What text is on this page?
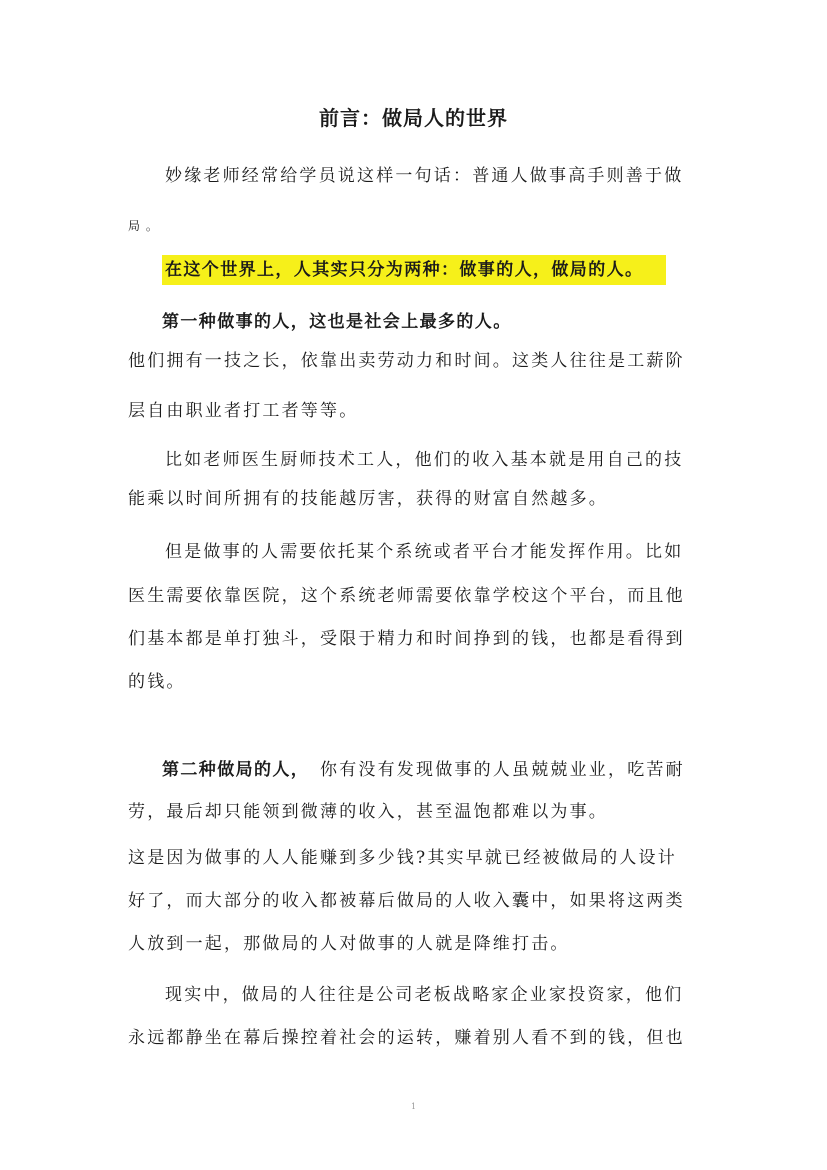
前言：做局人的世界

妙缘老师经常给学员说这样一句话：普通人做事高手则善于做

局 。

在这个世界上，人其实只分为两种：做事的人，做局的人。

第一种做事的人，这也是社会上最多的人。

他们拥有一技之长，依靠出卖劳动力和时间。这类人往往是工薪阶

层自由职业者打工者等等。

比如老师医生厨师技术工人，他们的收入基本就是用自己的技

能乘以时间所拥有的技能越厉害，获得的财富自然越多。

但是做事的人需要依托某个系统或者平台才能发挥作用。比如

医生需要依靠医院，这个系统老师需要依靠学校这个平台，而且他

们基本都是单打独斗，受限于精力和时间挣到的钱，也都是看得到

的钱。

第二种做局的人， 你有没有发现做事的人虽兢兢业业，吃苦耐

劳，最后却只能领到微薄的收入，甚至温饱都难以为事。

这是因为做事的人人能赚到多少钱?其实早就已经被做局的人设计

好了，而大部分的收入都被幕后做局的人收入囊中，如果将这两类

人放到一起，那做局的人对做事的人就是降维打击。

现实中，做局的人往往是公司老板战略家企业家投资家，他们

永远都静坐在幕后操控着社会的运转，赚着别人看不到的钱，但也

1
